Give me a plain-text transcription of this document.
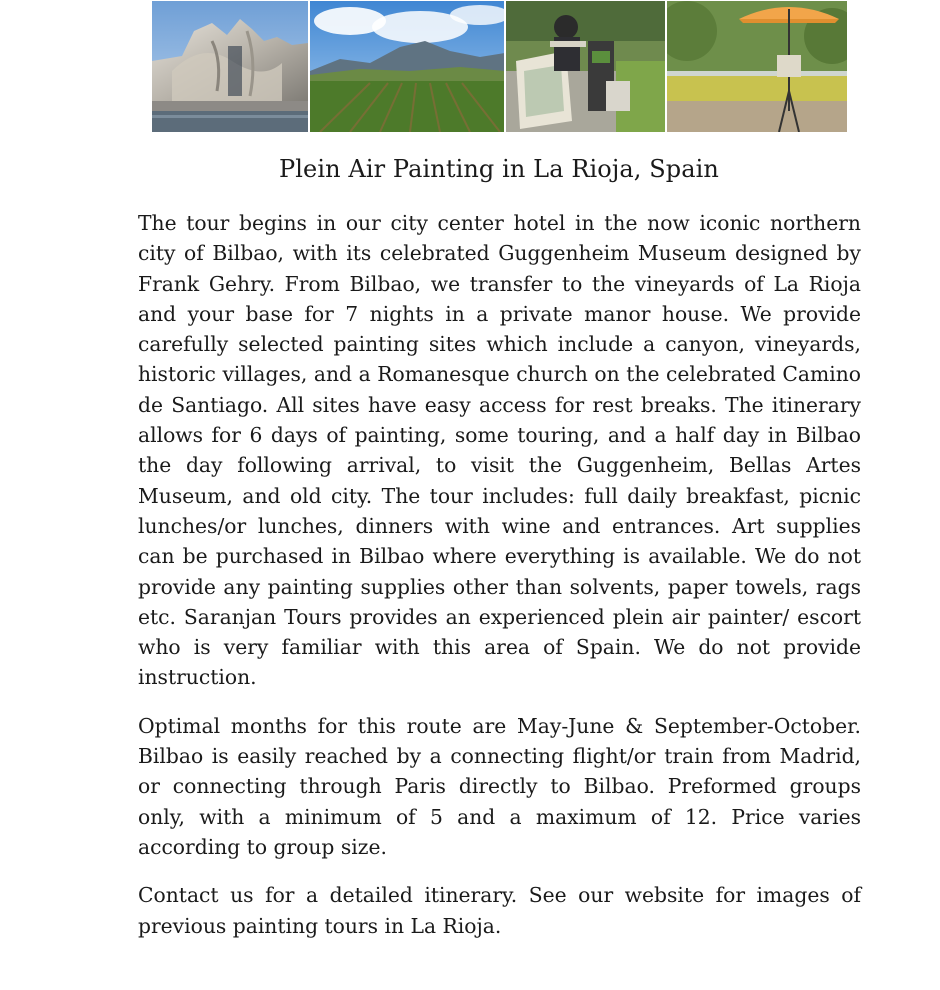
Plein Air Painting in La Rioja, Spain

The tour begins in our city center hotel in the now iconic northern city of Bilbao, with its celebrated Guggenheim Museum designed by Frank Gehry. From Bilbao, we transfer to the vineyards of La Rioja and your base for 7 nights in a private manor house. We provide carefully selected painting sites which include a canyon, vineyards, historic villages, and a Romanesque church on the celebrated Camino de Santiago. All sites have easy access for rest breaks. The itinerary allows for 6 days of painting, some touring, and a half day in Bilbao the day following arrival, to visit the Guggenheim, Bellas Artes Museum, and old city. The tour includes: full daily breakfast, picnic lunches/or lunches, dinners with wine and entrances. Art supplies can be purchased in Bilbao where everything is available. We do not provide any painting supplies other than solvents, paper towels, rags etc. Saranjan Tours provides an experienced plein air painter/ escort who is very familiar with this area of Spain. We do not provide instruction.

Optimal months for this route are May-June & September-October. Bilbao is easily reached by a connecting flight/or train from Madrid, or connecting through Paris directly to Bilbao. Preformed groups only, with a minimum of 5 and a maximum of 12. Price varies according to group size.

Contact us for a detailed itinerary. See our website for images of previous painting tours in La Rioja.
